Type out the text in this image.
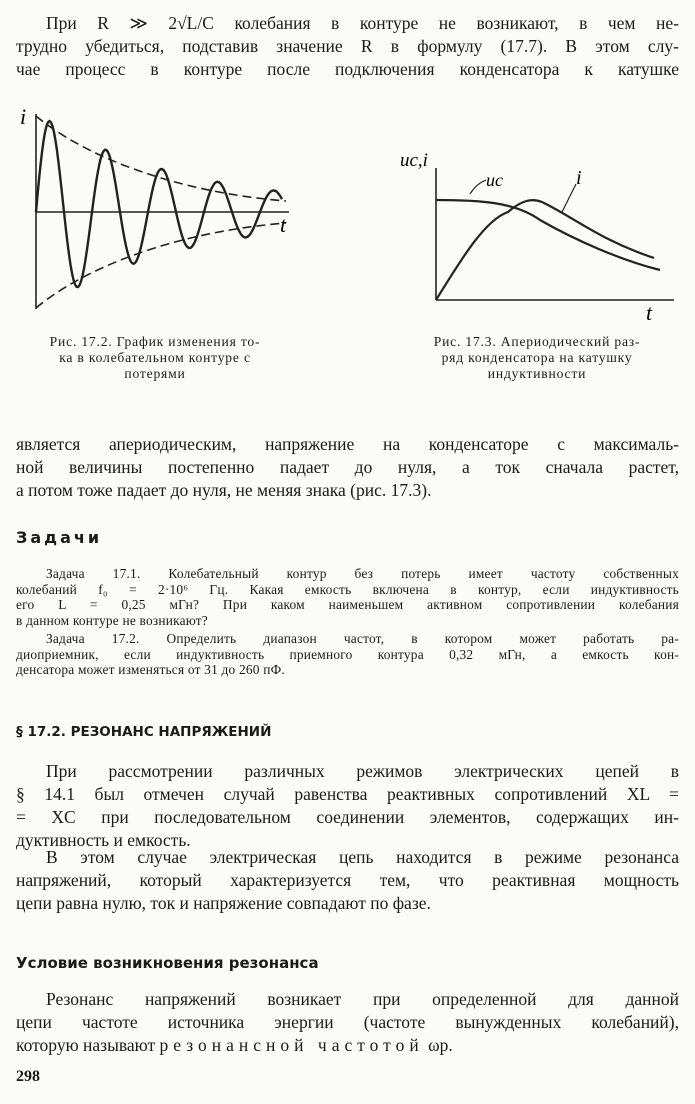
При R ≫ 2√L/C колебания в контуре не возникают, в чем не-
трудно убедиться, подставив значение R в формулу (17.7). В этом слу-
чае процесс в контуре после подключения конденсатора к катушке
i
t
Рис. 17.2. График изменения то-
ка в колебательном контуре с
потерями
uc,i
t
uc	i
Рис. 17.3. Апериодический раз-
ряд конденсатора на катушку
индуктивности
является апериодическим, напряжение на конденсаторе с максималь-
ной величины постепенно падает до нуля, а ток сначала растет,
а потом тоже падает до нуля, не меняя знака (рис. 17.3).
Задачи
Задача 17.1. Колебательный контур без потерь имеет частоту собственных
колебаний f₀ = 2·10⁶ Гц. Какая емкость включена в контур, если индуктивность
его L = 0,25 мГн? При каком наименьшем активном сопротивлении колебания
в данном контуре не возникают?
Задача 17.2. Определить диапазон частот, в котором может работать ра-
диоприемник, если индуктивность приемного контура 0,32 мГн, а емкость кон-
денсатора может изменяться от 31 до 260 пФ.
§ 17.2. РЕЗОНАНС НАПРЯЖЕНИЙ
При рассмотрении различных режимов электрических цепей в
§ 14.1 был отмечен случай равенства реактивных сопротивлений XL =
= XC при последовательном соединении элементов, содержащих ин-
дуктивность и емкость.
В этом случае электрическая цепь находится в режиме резонанса
напряжений, который характеризуется тем, что реактивная мощность
цепи равна нулю, ток и напряжение совпадают по фазе.
Условие возникновения резонанса
Резонанс напряжений возникает при определенной для данной
цепи частоте источника энергии (частоте вынужденных колебаний),
которую называют резонансной частотой ωр.
298
